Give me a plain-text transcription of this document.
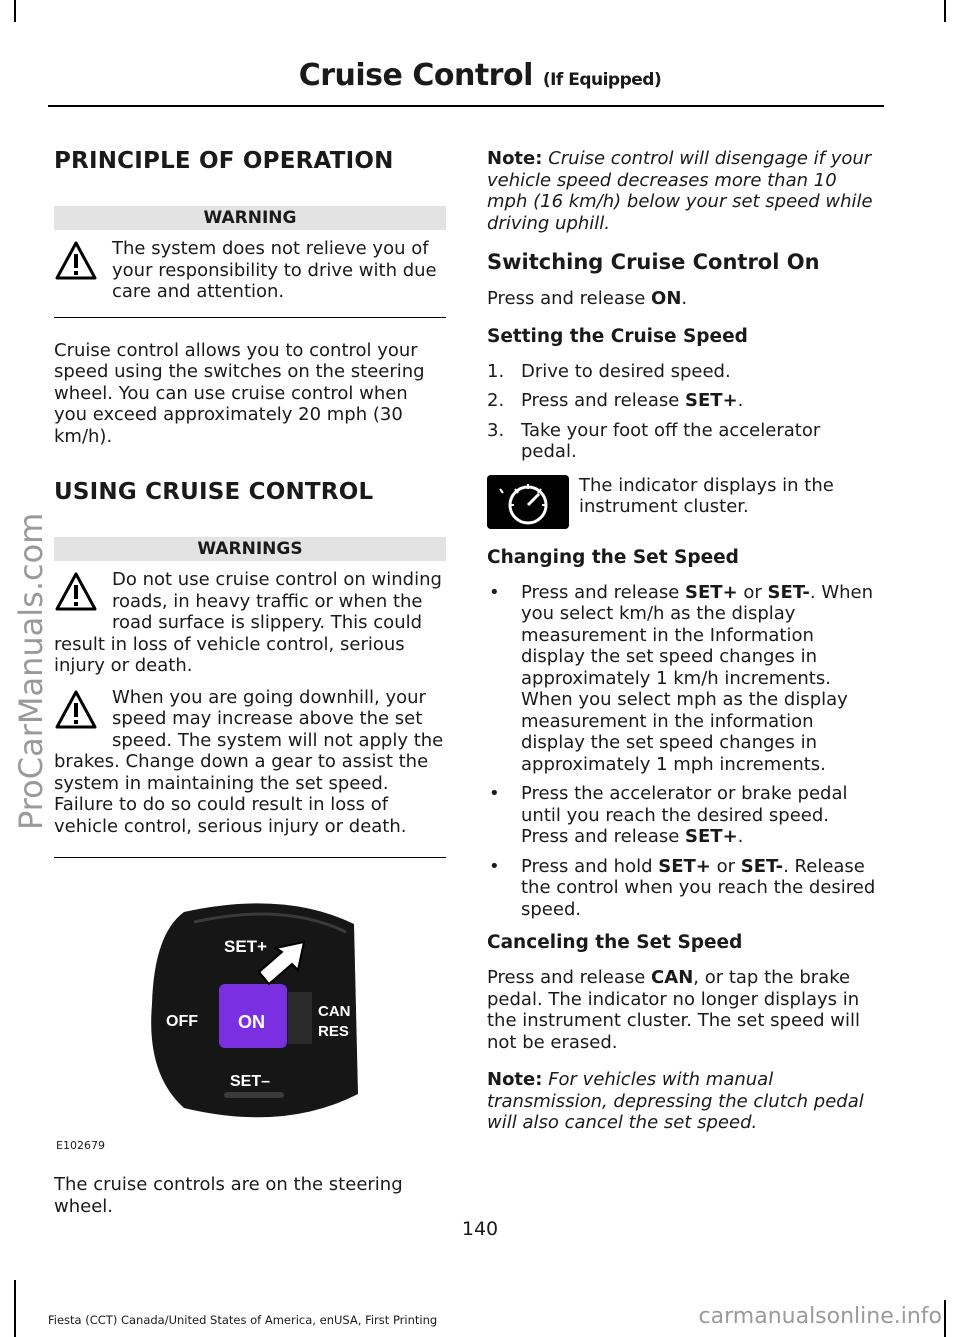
Cruise Control (If Equipped)
PRINCIPLE OF OPERATION
WARNING
The system does not relieve you of your responsibility to drive with due care and attention.

Cruise control allows you to control your speed using the switches on the steering wheel. You can use cruise control when you exceed approximately 20 mph (30 km/h).

USING CRUISE CONTROL
WARNINGS
Do not use cruise control on winding roads, in heavy traffic or when the road surface is slippery. This could result in loss of vehicle control, serious injury or death.
When you are going downhill, your speed may increase above the set speed. The system will not apply the brakes. Change down a gear to assist the system in maintaining the set speed. Failure to do so could result in loss of vehicle control, serious injury or death.
SET+
OFF ON
CAN
RES
SET–
E102679

The cruise controls are on the steering wheel.

Note: Cruise control will disengage if your vehicle speed decreases more than 10 mph (16 km/h) below your set speed while driving uphill.

Switching Cruise Control On

Press and release ON.

Setting the Cruise Speed
1. Drive to desired speed.
2. Press and release SET+.
3. Take your foot off the accelerator pedal.
The indicator displays in the instrument cluster.
Changing the Set Speed
• Press and release SET+ or SET-. When you select km/h as the display measurement in the Information display the set speed changes in approximately 1 km/h increments. When you select mph as the display measurement in the information display the set speed changes in approximately 1 mph increments.
• Press the accelerator or brake pedal until you reach the desired speed. Press and release SET+.
• Press and hold SET+ or SET-. Release the control when you reach the desired speed.
Canceling the Set Speed

Press and release CAN, or tap the brake pedal. The indicator no longer displays in the instrument cluster. The set speed will not be erased.

Note: For vehicles with manual transmission, depressing the clutch pedal will also cancel the set speed.

140
Fiesta (CCT) Canada/United States of America, enUSA, First Printing
ProCarManuals.com
carmanualsonline.info
